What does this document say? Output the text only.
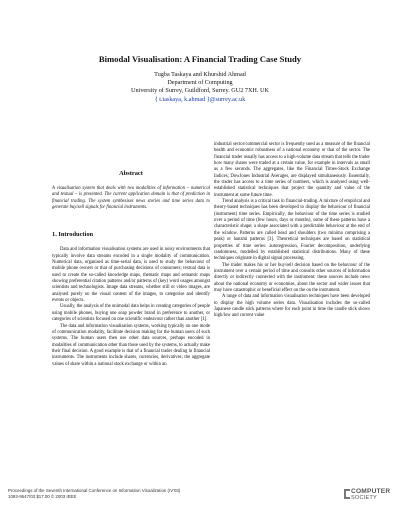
Bimodal Visualisation: A Financial Trading Case Study
Tugba Taskaya and Khurshid Ahmad
Department of Computing
University of Surrey, Guildford, Surrey. GU2 7XH. UK
{ t.taskaya, k.ahmad }@surrey.ac.uk
Abstract
A visualisation system that deals with two modalities of information – numerical and textual – is presented. The current application domain is that of prediction in financial trading. The system synthesises news stories and time series data to generate buy/sell signals for financial instruments.
1. Introduction

Data and information visualisation systems are used in noisy environments that typically involve data streams encoded in a single modality of communication. Numerical data, organised as time-serial data, is used to study the behaviour of mobile phone owners or that of purchasing decisions of consumers; textual data is used to create the so-called knowledge maps, thematic maps and semantic maps showing preferential citation patterns and/or patterns of (key) word usages amongst scientists and technologists. Image data streams, whether still or video images, are analysed purely on the visual content of the images, to categorise and identify events or objects.

Usually, the analysis of the unimodal data helps in creating categories of people using mobile phones, buying one soap powder brand in preference to another, or categories of scientists focused on one scientific endeavour rather than another [1].

The data and information visualisation systems, working typically on one mode of communication modality, facilitate decision making for the human users of such systems. The human users then use other data sources, perhaps encoded in modalities of communication other than those used by the systems, to actually make their final decision. A good example is that of a financial trader dealing in financial instruments. The instruments include shares, currencies, derivatives; the aggregate values of share within a national stock exchange or within an

industrial sector/commercial sector is frequently used as a measure of the financial health and economic robustness of a national economy or that of the sector. The financial trader usually has access to a high-volume data stream that tells the trader how many shares were traded at a certain value, for example in intervals as small as a few seconds. The aggregates, like the Financial Times-Stock Exchange Indices; DowJones Industrial Averages, are displayed simultaneously. Essentially, the trader has access to a time series of numbers, which is analysed using well-established statistical techniques that project the quantity and value of the instrument at some future time.

Trend analysis is a critical task in financial-trading. A mixture of empirical and theory-based techniques has been developed to display the behaviour of financial (instrument) time series. Empirically, the behaviour of the time series is studied over a period of time (few hours, days or months), some of these patterns have a characteristic shape; a shape associated with a predictable behaviour at the end of the window. Patterns are called head and shoulders (two minima comprising a peak) or hanzmi patterns [3]. Theoretical techniques are based on statistical properties of time series: autoregression, Fourier decomposition, underlying randomness, modelled by established statistical distributions. Many of these techniques originate in digital signal processing.

The trader makes his or her buy/sell decision based on the behaviour of the instrument over a certain period of time and consults other sources of information directly or indirectly connected with the instrument: these sources include news about the national economy or economies, about the sector and wider issues that may have catastrophic or beneficial effect on the on the instrument.

A range of data and information visualisation techniques have been developed to display the high volume series data. Visualisation includes the so-called Japanese candle stick patterns where for each point in time the candle stick shows high/low and current value

Proceedings of the Seventh International Conference on Information Visualization (IV'03)
1093-9547/03 $17.00 © 2003 IEEE
COMPUTER
SOCIETY
